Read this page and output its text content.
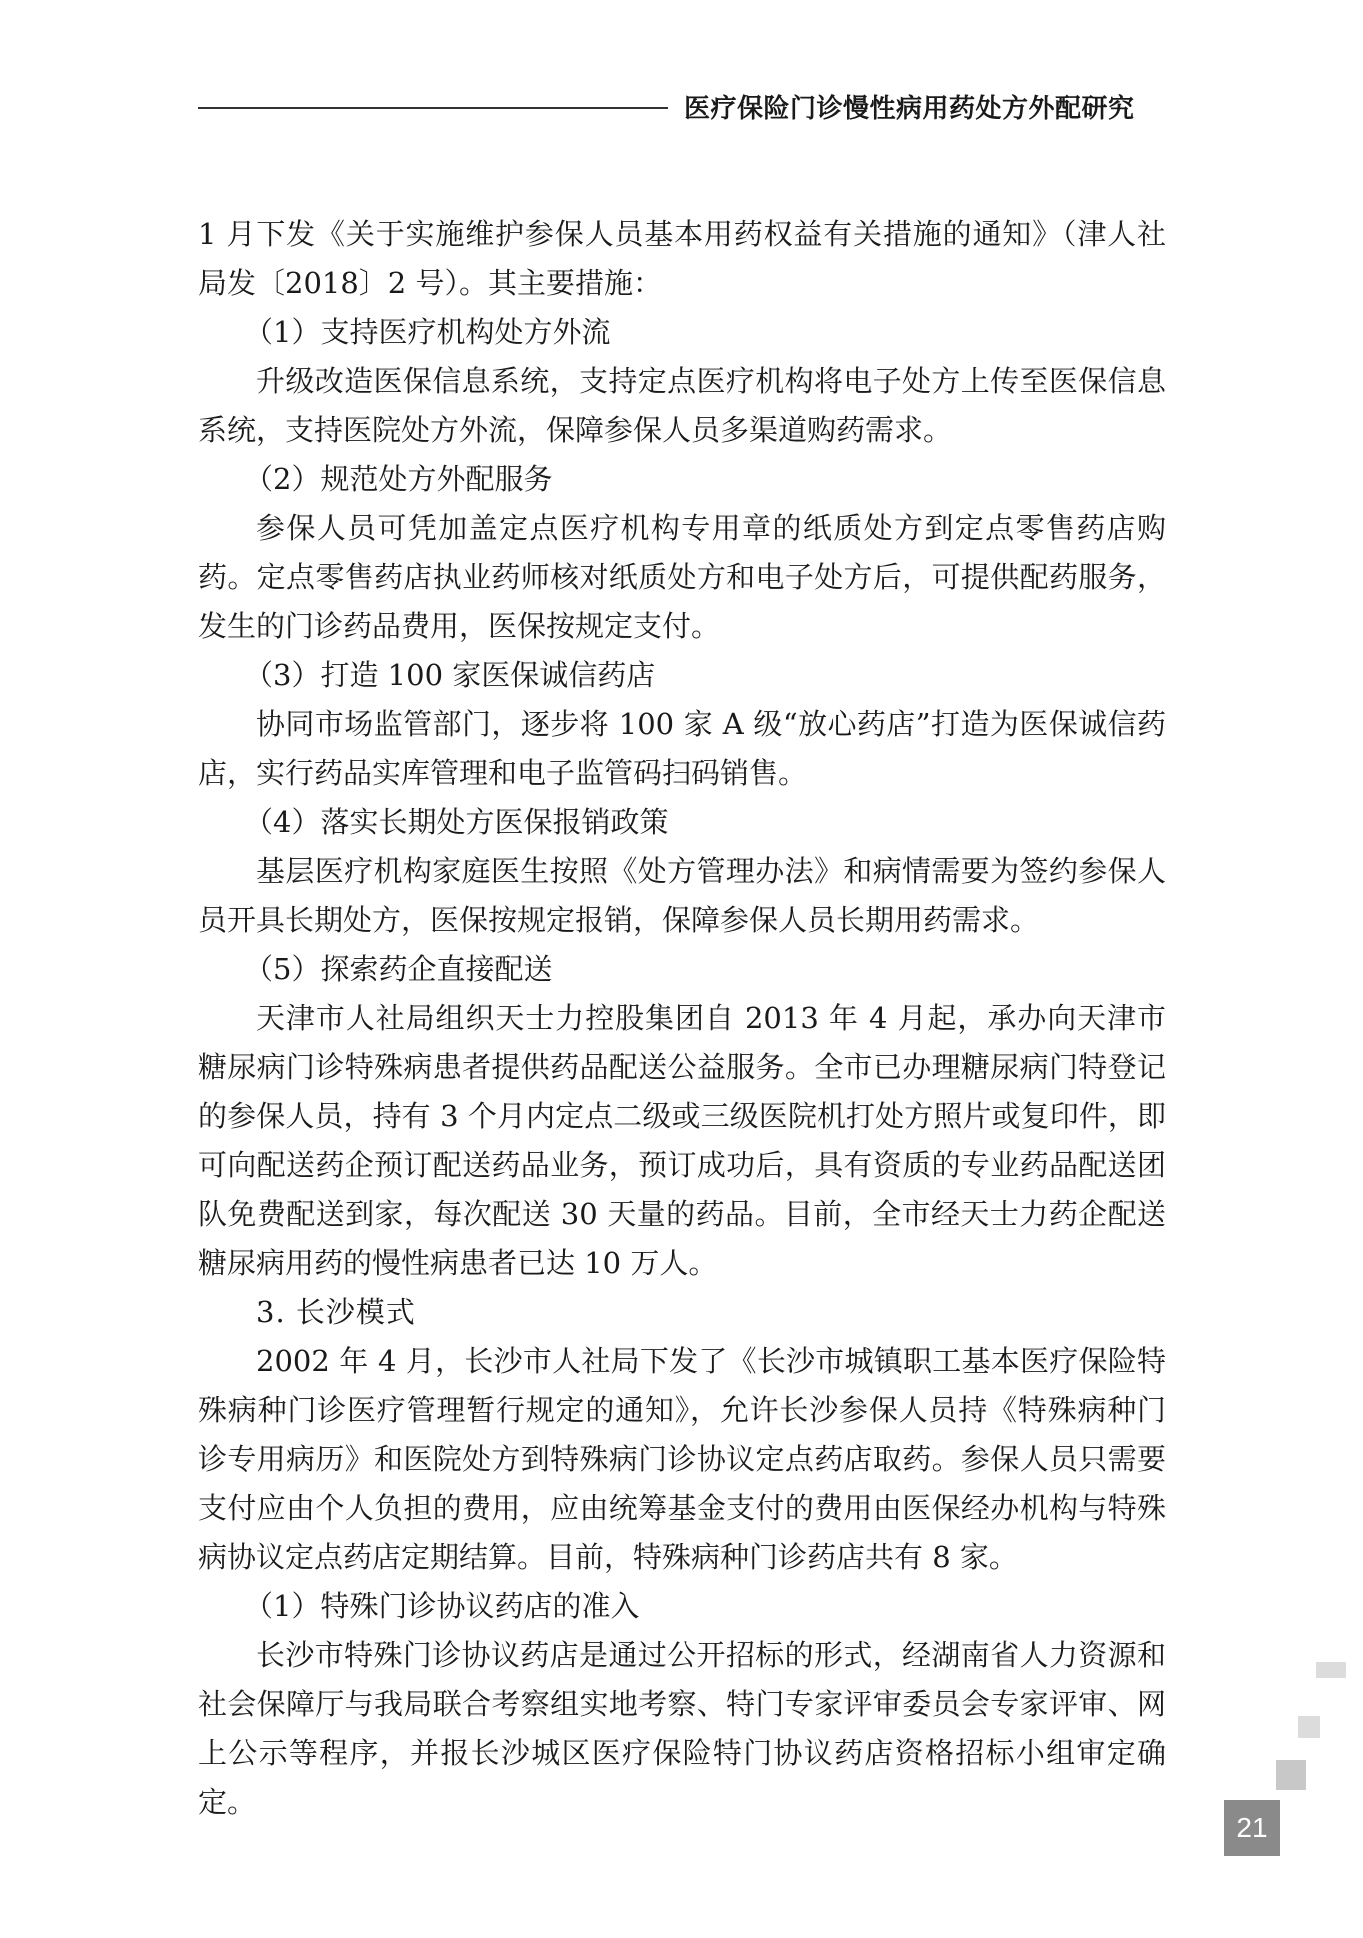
医疗保险门诊慢性病用药处方外配研究

1 月下发《关于实施维护参保人员基本用药权益有关措施的通知》（津人社局发〔2018〕2 号）。其主要措施：

（1）支持医疗机构处方外流

升级改造医保信息系统，支持定点医疗机构将电子处方上传至医保信息系统，支持医院处方外流，保障参保人员多渠道购药需求。

（2）规范处方外配服务

参保人员可凭加盖定点医疗机构专用章的纸质处方到定点零售药店购药。定点零售药店执业药师核对纸质处方和电子处方后，可提供配药服务，发生的门诊药品费用，医保按规定支付。

（3）打造 100 家医保诚信药店

协同市场监管部门，逐步将 100 家 A 级“放心药店”打造为医保诚信药店，实行药品实库管理和电子监管码扫码销售。

（4）落实长期处方医保报销政策

基层医疗机构家庭医生按照《处方管理办法》和病情需要为签约参保人员开具长期处方，医保按规定报销，保障参保人员长期用药需求。

（5）探索药企直接配送

天津市人社局组织天士力控股集团自 2013 年 4 月起，承办向天津市糖尿病门诊特殊病患者提供药品配送公益服务。全市已办理糖尿病门特登记的参保人员，持有 3 个月内定点二级或三级医院机打处方照片或复印件，即可向配送药企预订配送药品业务，预订成功后，具有资质的专业药品配送团队免费配送到家，每次配送 30 天量的药品。目前，全市经天士力药企配送糖尿病用药的慢性病患者已达 10 万人。

3. 长沙模式

2002 年 4 月，长沙市人社局下发了《长沙市城镇职工基本医疗保险特殊病种门诊医疗管理暂行规定的通知》，允许长沙参保人员持《特殊病种门诊专用病历》和医院处方到特殊病门诊协议定点药店取药。参保人员只需要支付应由个人负担的费用，应由统筹基金支付的费用由医保经办机构与特殊病协议定点药店定期结算。目前，特殊病种门诊药店共有 8 家。

（1）特殊门诊协议药店的准入

长沙市特殊门诊协议药店是通过公开招标的形式，经湖南省人力资源和社会保障厅与我局联合考察组实地考察、特门专家评审委员会专家评审、网上公示等程序，并报长沙城区医疗保险特门协议药店资格招标小组审定确定。

21
